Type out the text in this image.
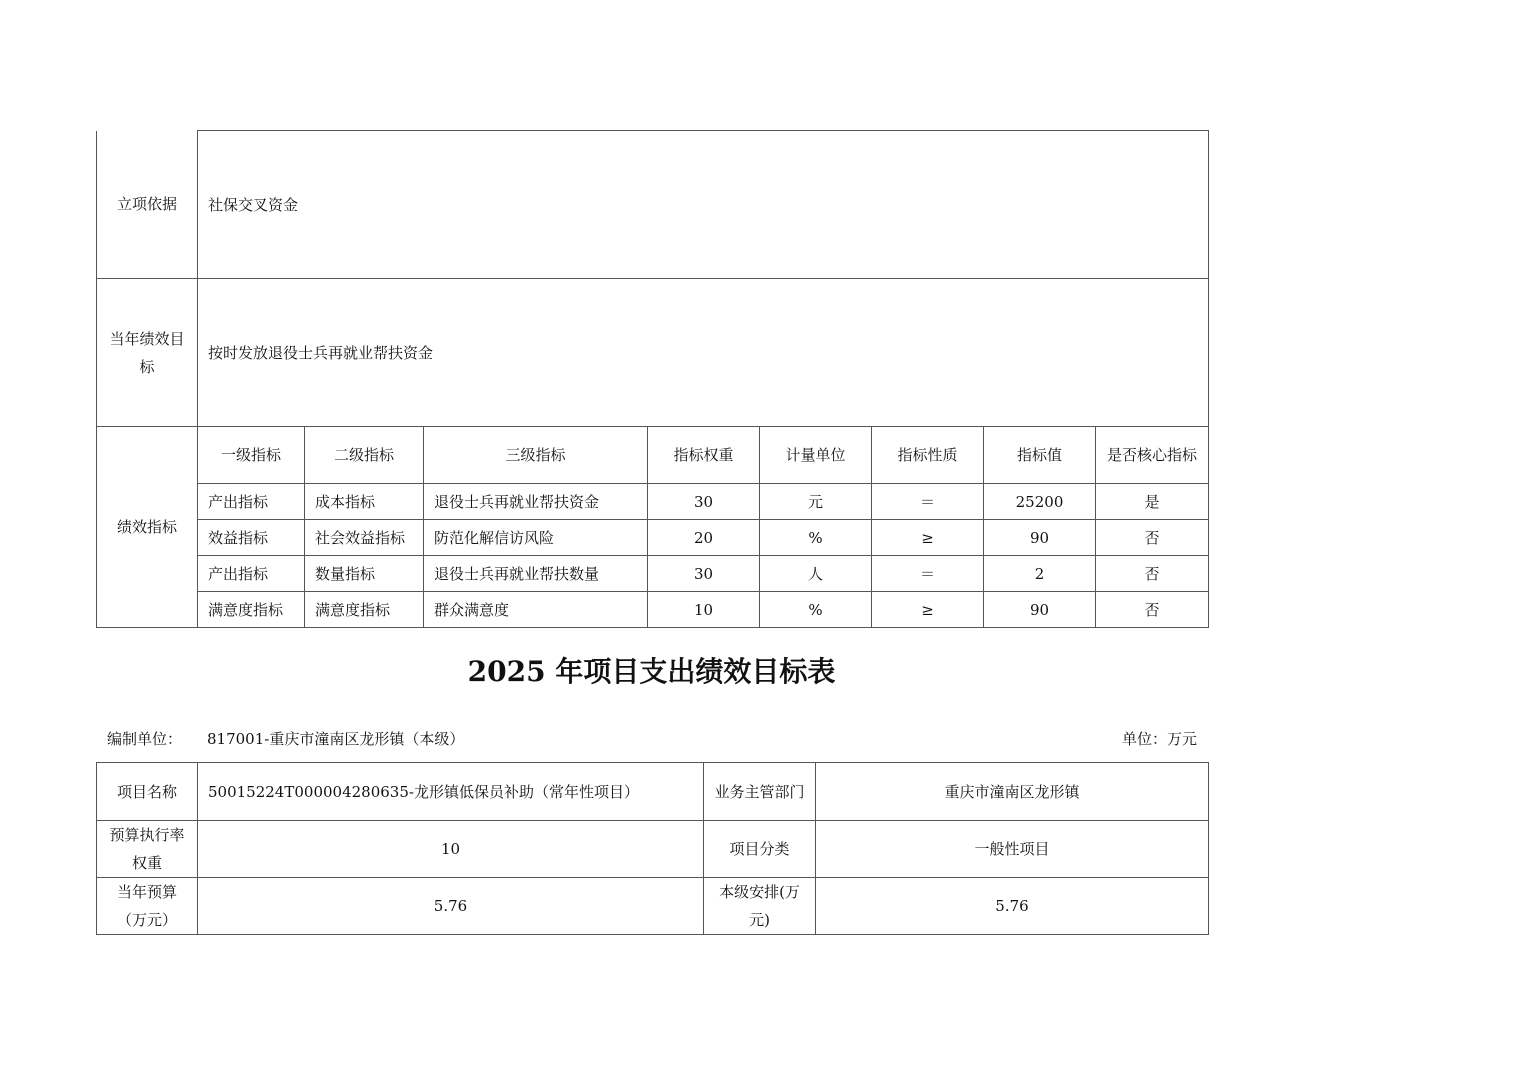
立项依据	社保交叉资金							
当年绩效目标	按时发放退役士兵再就业帮扶资金							
绩效指标	一级指标	二级指标	三级指标	指标权重	计量单位	指标性质	指标值	是否核心指标
	产出指标	成本指标	退役士兵再就业帮扶资金	30	元	＝	25200	是
	效益指标	社会效益指标	防范化解信访风险	20	%	≥	90	否
	产出指标	数量指标	退役士兵再就业帮扶数量	30	人	＝	2	否
	满意度指标	满意度指标	群众满意度	10	%	≥	90	否
2025 年项目支出绩效目标表
编制单位： 817001-重庆市潼南区龙形镇（本级）	单位：万元
项目名称	50015224T000004280635-龙形镇低保员补助（常年性项目）	业务主管部门	重庆市潼南区龙形镇
预算执行率权重	10	项目分类	一般性项目
当年预算（万元）	5.76	本级安排(万元)	5.76
